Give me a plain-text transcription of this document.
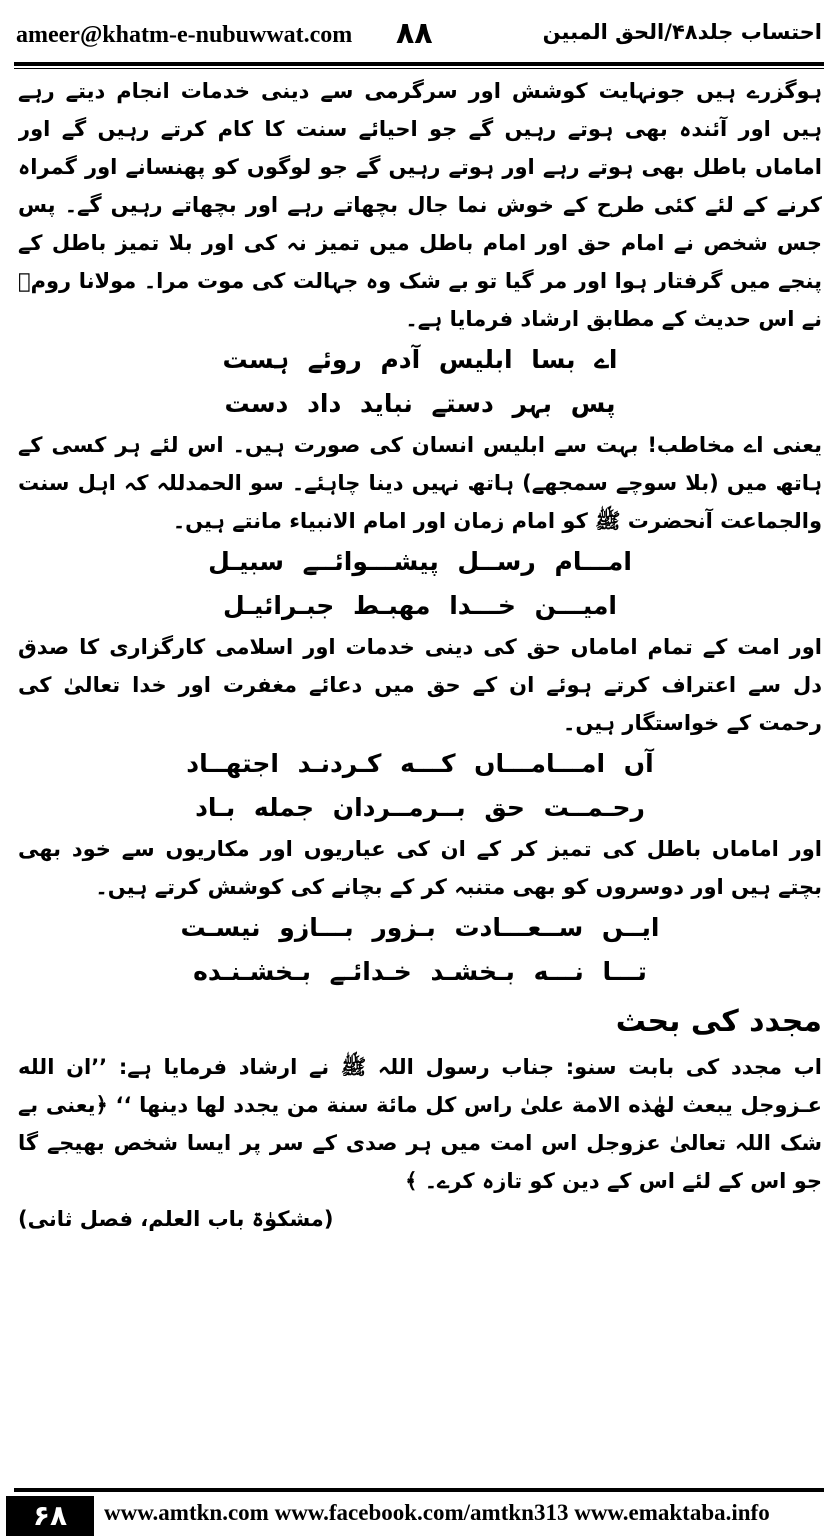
ameer@khatm-e-nubuwwat.com ۸۸	احتساب جلد۴۸/الحق المبین

ہوگزرے ہیں جونہایت کوشش اور سرگرمی سے دینی خدمات انجام دیتے رہے ہیں اور آئندہ بھی ہوتے رہیں گے جو احیائے سنت کا کام کرتے رہیں گے اور اماماں باطل بھی ہوتے رہے اور ہوتے رہیں گے جو لوگوں کو پھنسانے اور گمراہ کرنے کے لئے کئی طرح کے خوش نما جال بچھاتے رہے اور بچھاتے رہیں گے۔ پس جس شخص نے امام حق اور امام باطل میں تمیز نہ کی اور بلا تمیز باطل کے پنجے میں گرفتار ہوا اور مر گیا تو بے شک وہ جہالت کی موت مرا۔ مولانا رومؒ نے اس حدیث کے مطابق ارشاد فرمایا ہے۔

اے بسا ابلیس آدم روئے ہست

پس بہر دستے نباید داد دست

یعنی اے مخاطب! بہت سے ابلیس انسان کی صورت ہیں۔ اس لئے ہر کسی کے ہاتھ میں (بلا سوچے سمجھے) ہاتھ نہیں دینا چاہئے۔ سو الحمدللہ کہ اہل سنت والجماعت آنحضرت ﷺ کو امام زمان اور امام الانبیاء مانتے ہیں۔

امـــام رســل پیشـــوائــے سبیـل

امیـــن خـــدا مهبـط جبـرائیـل

اور امت کے تمام اماماں حق کی دینی خدمات اور اسلامی کارگزاری کا صدق دل سے اعتراف کرتے ہوئے ان کے حق میں دعائے مغفرت اور خدا تعالیٰ کی رحمت کے خواستگار ہیں۔

آں امـــامـــاں کـــه کـردنـد اجتهــاد

رحـمــت حق بــرمــردان جمله بـاد

اور اماماں باطل کی تمیز کر کے ان کی عیاریوں اور مکاریوں سے خود بھی بچتے ہیں اور دوسروں کو بھی متنبہ کر کے بچانے کی کوشش کرتے ہیں۔

ایــں ســعـــادت بـزور بـــازو نیسـت

تـــا نـــه بـخشـد خـدائـے بـخشـنـده

مجدد کی بحث

اب مجدد کی بابت سنو: جناب رسول اللہ ﷺ نے ارشاد فرمایا ہے: ’’ان الله عـزوجل یبعث لهٰذه الامة علیٰ راس کل مائة سنة من یجدد لها دینها ‘‘ ﴿یعنی بے شک اللہ تعالیٰ عزوجل اس امت میں ہر صدی کے سر پر ایسا شخص بھیجے گا جو اس کے لئے اس کے دین کو تازہ کرے۔ ﴾

(مشکوٰۃ باب العلم، فصل ثانی)
۶۸	www.amtkn.com www.facebook.com/amtkn313 www.emaktaba.info
